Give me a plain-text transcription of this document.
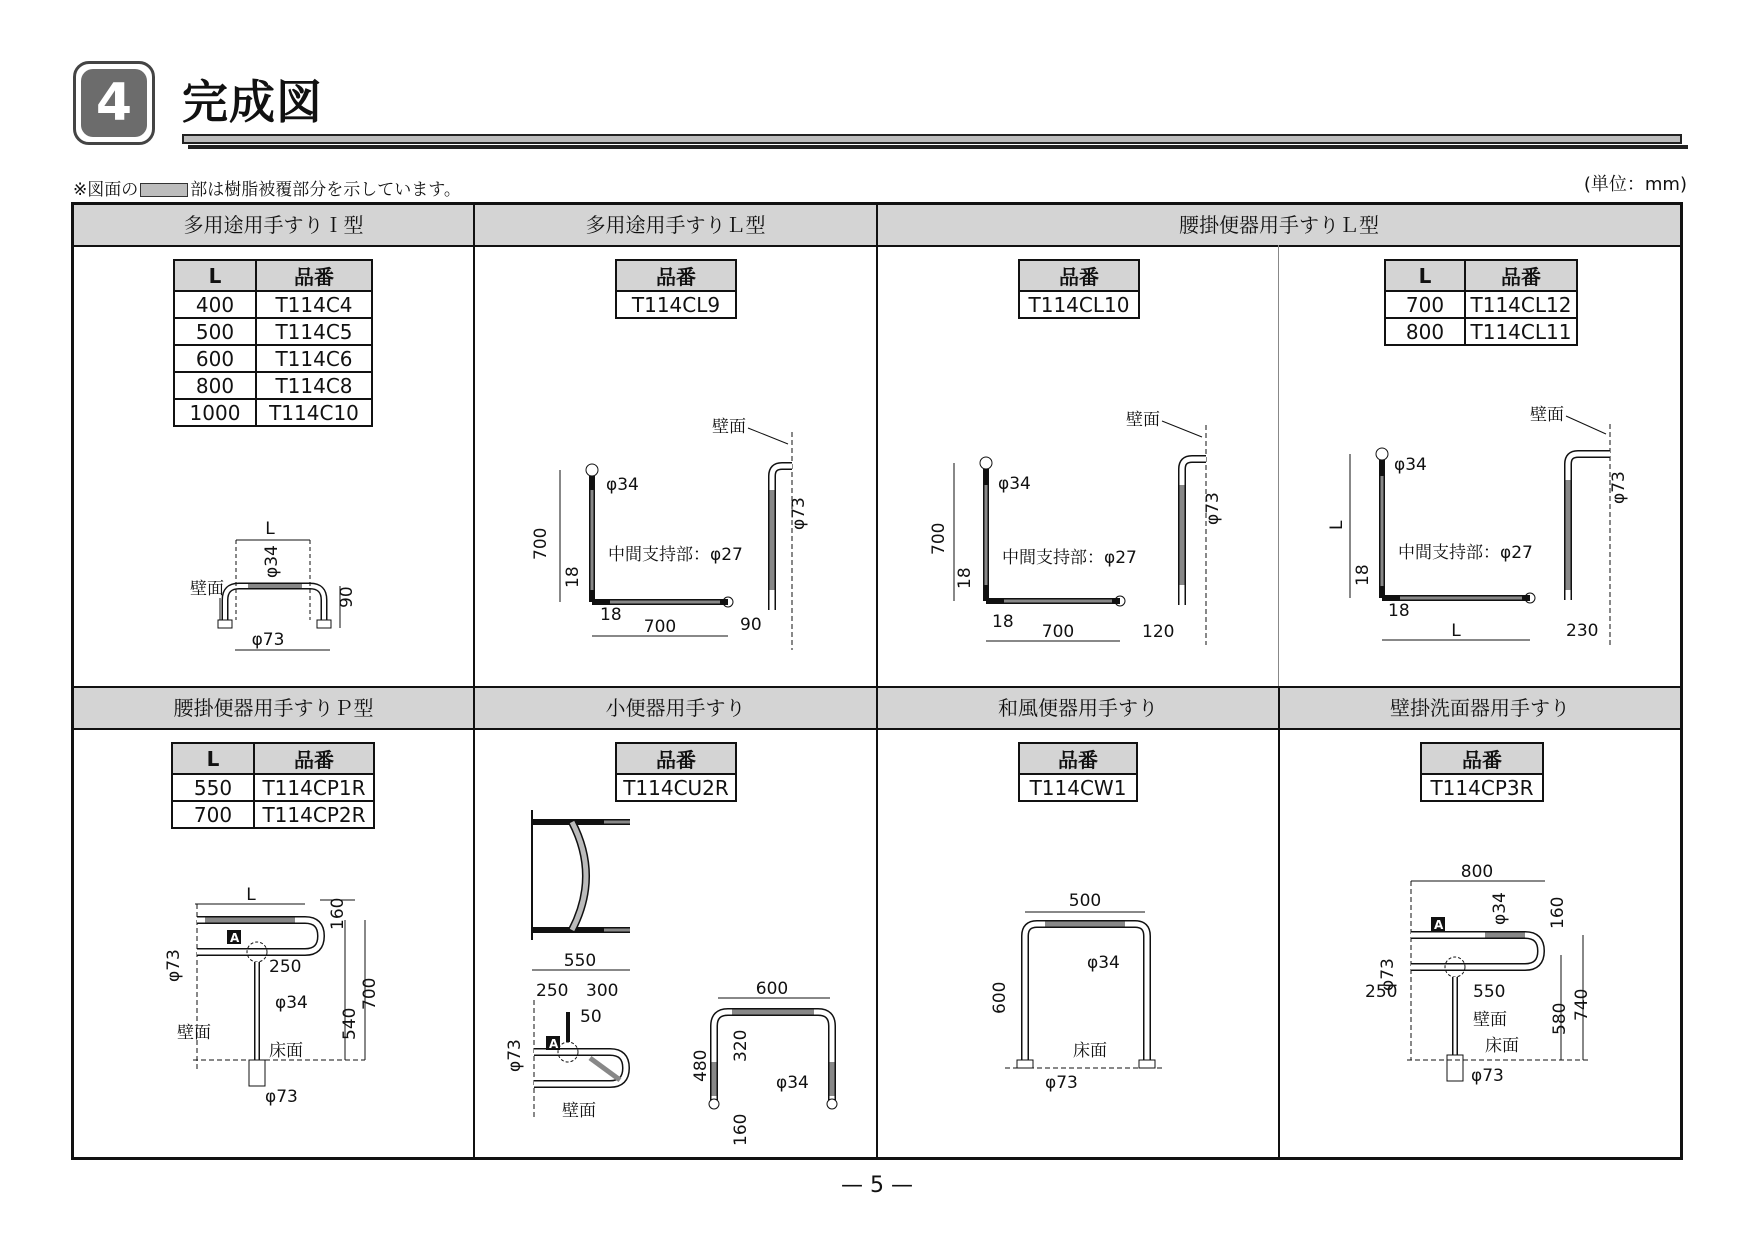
4	完成図
※図面の	部は樹脂被覆部分を示しています。	(単位：mm)
多用途用手すりＩ型	多用途用手すりＬ型	腰掛便器用手すりＬ型
腰掛便器用手すりＰ型	小便器用手すり	和風便器用手すり	壁掛洗面器用手すり
L	品番
400	T114C4
500	T114C5
600	T114C6
800	T114C8
1000	T114C10
L
φ34
90
壁面
φ73
品番
T114CL9
壁面
φ73
700
φ34
中間支持部：φ27
18
18
700	90
品番
T114CL10
壁面
φ73
700
φ34
中間支持部：φ27
18
18 700	120
L	品番
700	T114CL12
800	T114CL11
壁面
φ73
L
φ34
中間支持部：φ27
18
18
L	230
L	品番
550	T114CP1R
700	T114CP2R
L
A
φ73
160
700
540
250
φ34
壁面
床面
φ73
品番
T114CU2R
550
250 300
50
A
φ73
壁面
600
480
320
φ34
160
品番
T114CW1
500
φ34
600
床面
φ73
品番
T114CP3R
800
A	φ34 160
φ73
250	550
壁面	580 740
床面
φ73
— 5 —
